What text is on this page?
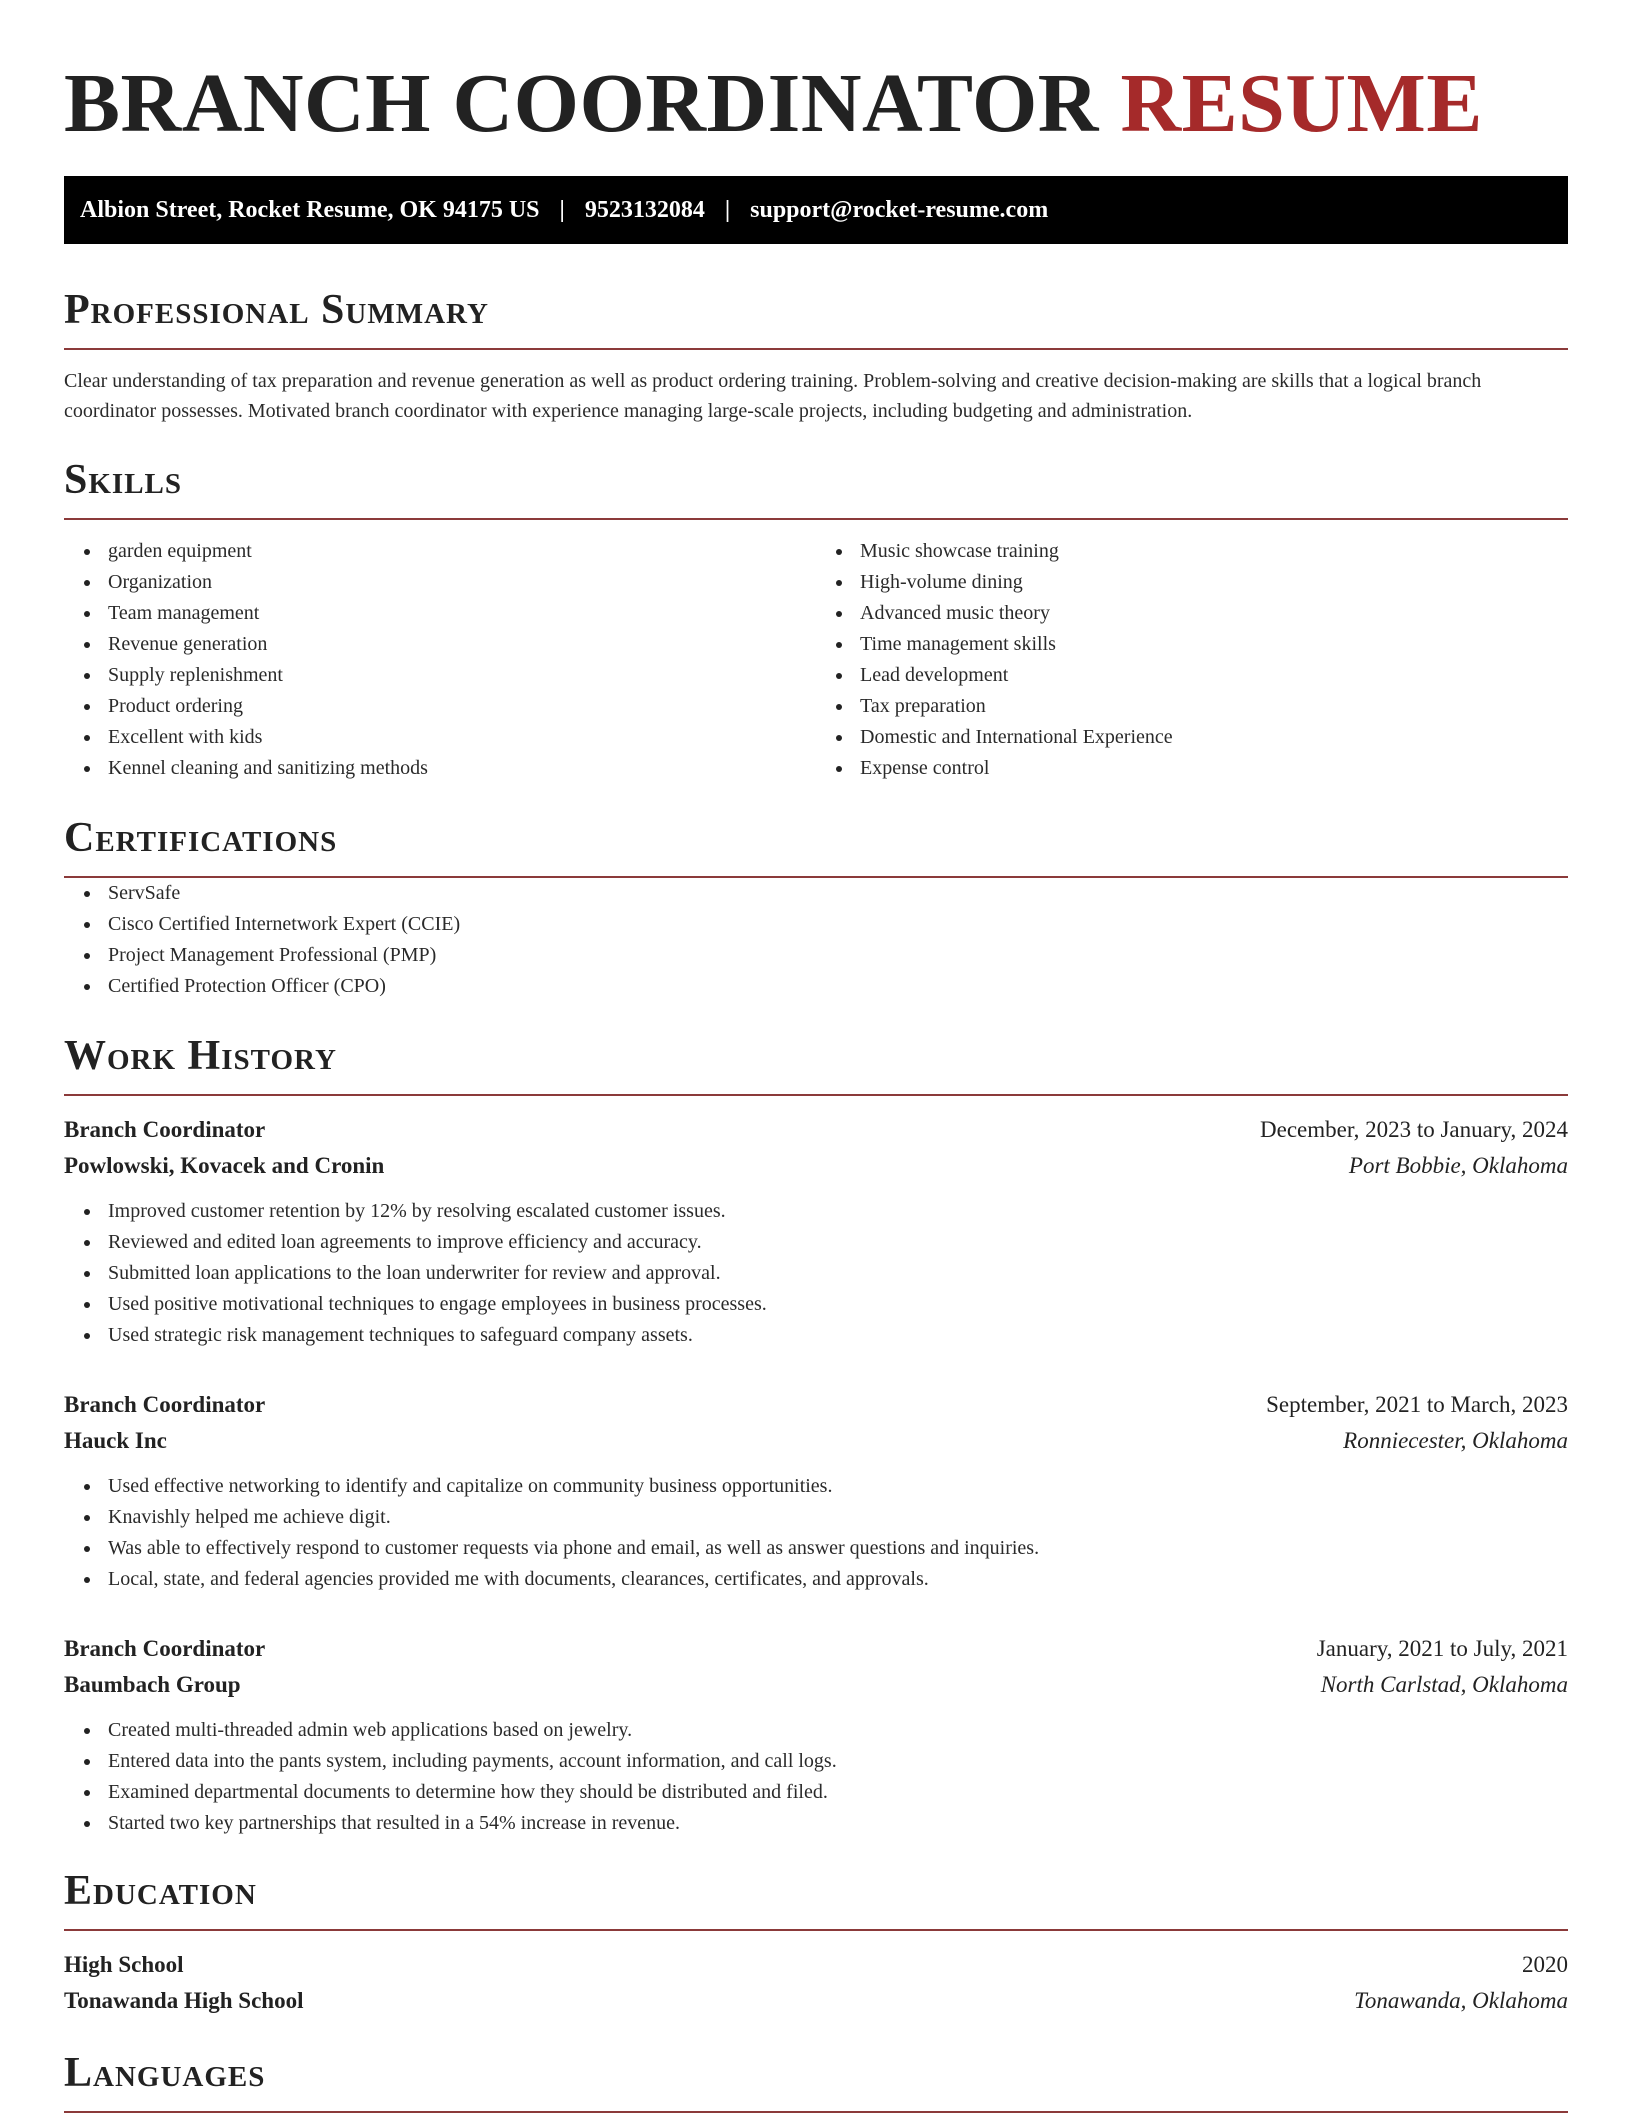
BRANCH COORDINATOR RESUME
Albion Street, Rocket Resume, OK 94175 US | 9523132084 | support@rocket-resume.com
Professional Summary

Clear understanding of tax preparation and revenue generation as well as product ordering training. Problem-solving and creative decision-making are skills that a logical branch coordinator possesses. Motivated branch coordinator with experience managing large-scale projects, including budgeting and administration.

Skills
garden equipment
Organization
Team management
Revenue generation
Supply replenishment
Product ordering
Excellent with kids
Kennel cleaning and sanitizing methods
Music showcase training
High-volume dining
Advanced music theory
Time management skills
Lead development
Tax preparation
Domestic and International Experience
Expense control
Certifications
ServSafe
Cisco Certified Internetwork Expert (CCIE)
Project Management Professional (PMP)
Certified Protection Officer (CPO)
Work History
Branch Coordinator	December, 2023 to January, 2024
Powlowski, Kovacek and Cronin	Port Bobbie, Oklahoma
Improved customer retention by 12% by resolving escalated customer issues.
Reviewed and edited loan agreements to improve efficiency and accuracy.
Submitted loan applications to the loan underwriter for review and approval.
Used positive motivational techniques to engage employees in business processes.
Used strategic risk management techniques to safeguard company assets.
Branch Coordinator	September, 2021 to March, 2023
Hauck Inc	Ronniecester, Oklahoma
Used effective networking to identify and capitalize on community business opportunities.
Knavishly helped me achieve digit.
Was able to effectively respond to customer requests via phone and email, as well as answer questions and inquiries.
Local, state, and federal agencies provided me with documents, clearances, certificates, and approvals.
Branch Coordinator	January, 2021 to July, 2021
Baumbach Group	North Carlstad, Oklahoma
Created multi-threaded admin web applications based on jewelry.
Entered data into the pants system, including payments, account information, and call logs.
Examined departmental documents to determine how they should be distributed and filed.
Started two key partnerships that resulted in a 54% increase in revenue.
Education
High School	2020
Tonawanda High School	Tonawanda, Oklahoma
Languages
